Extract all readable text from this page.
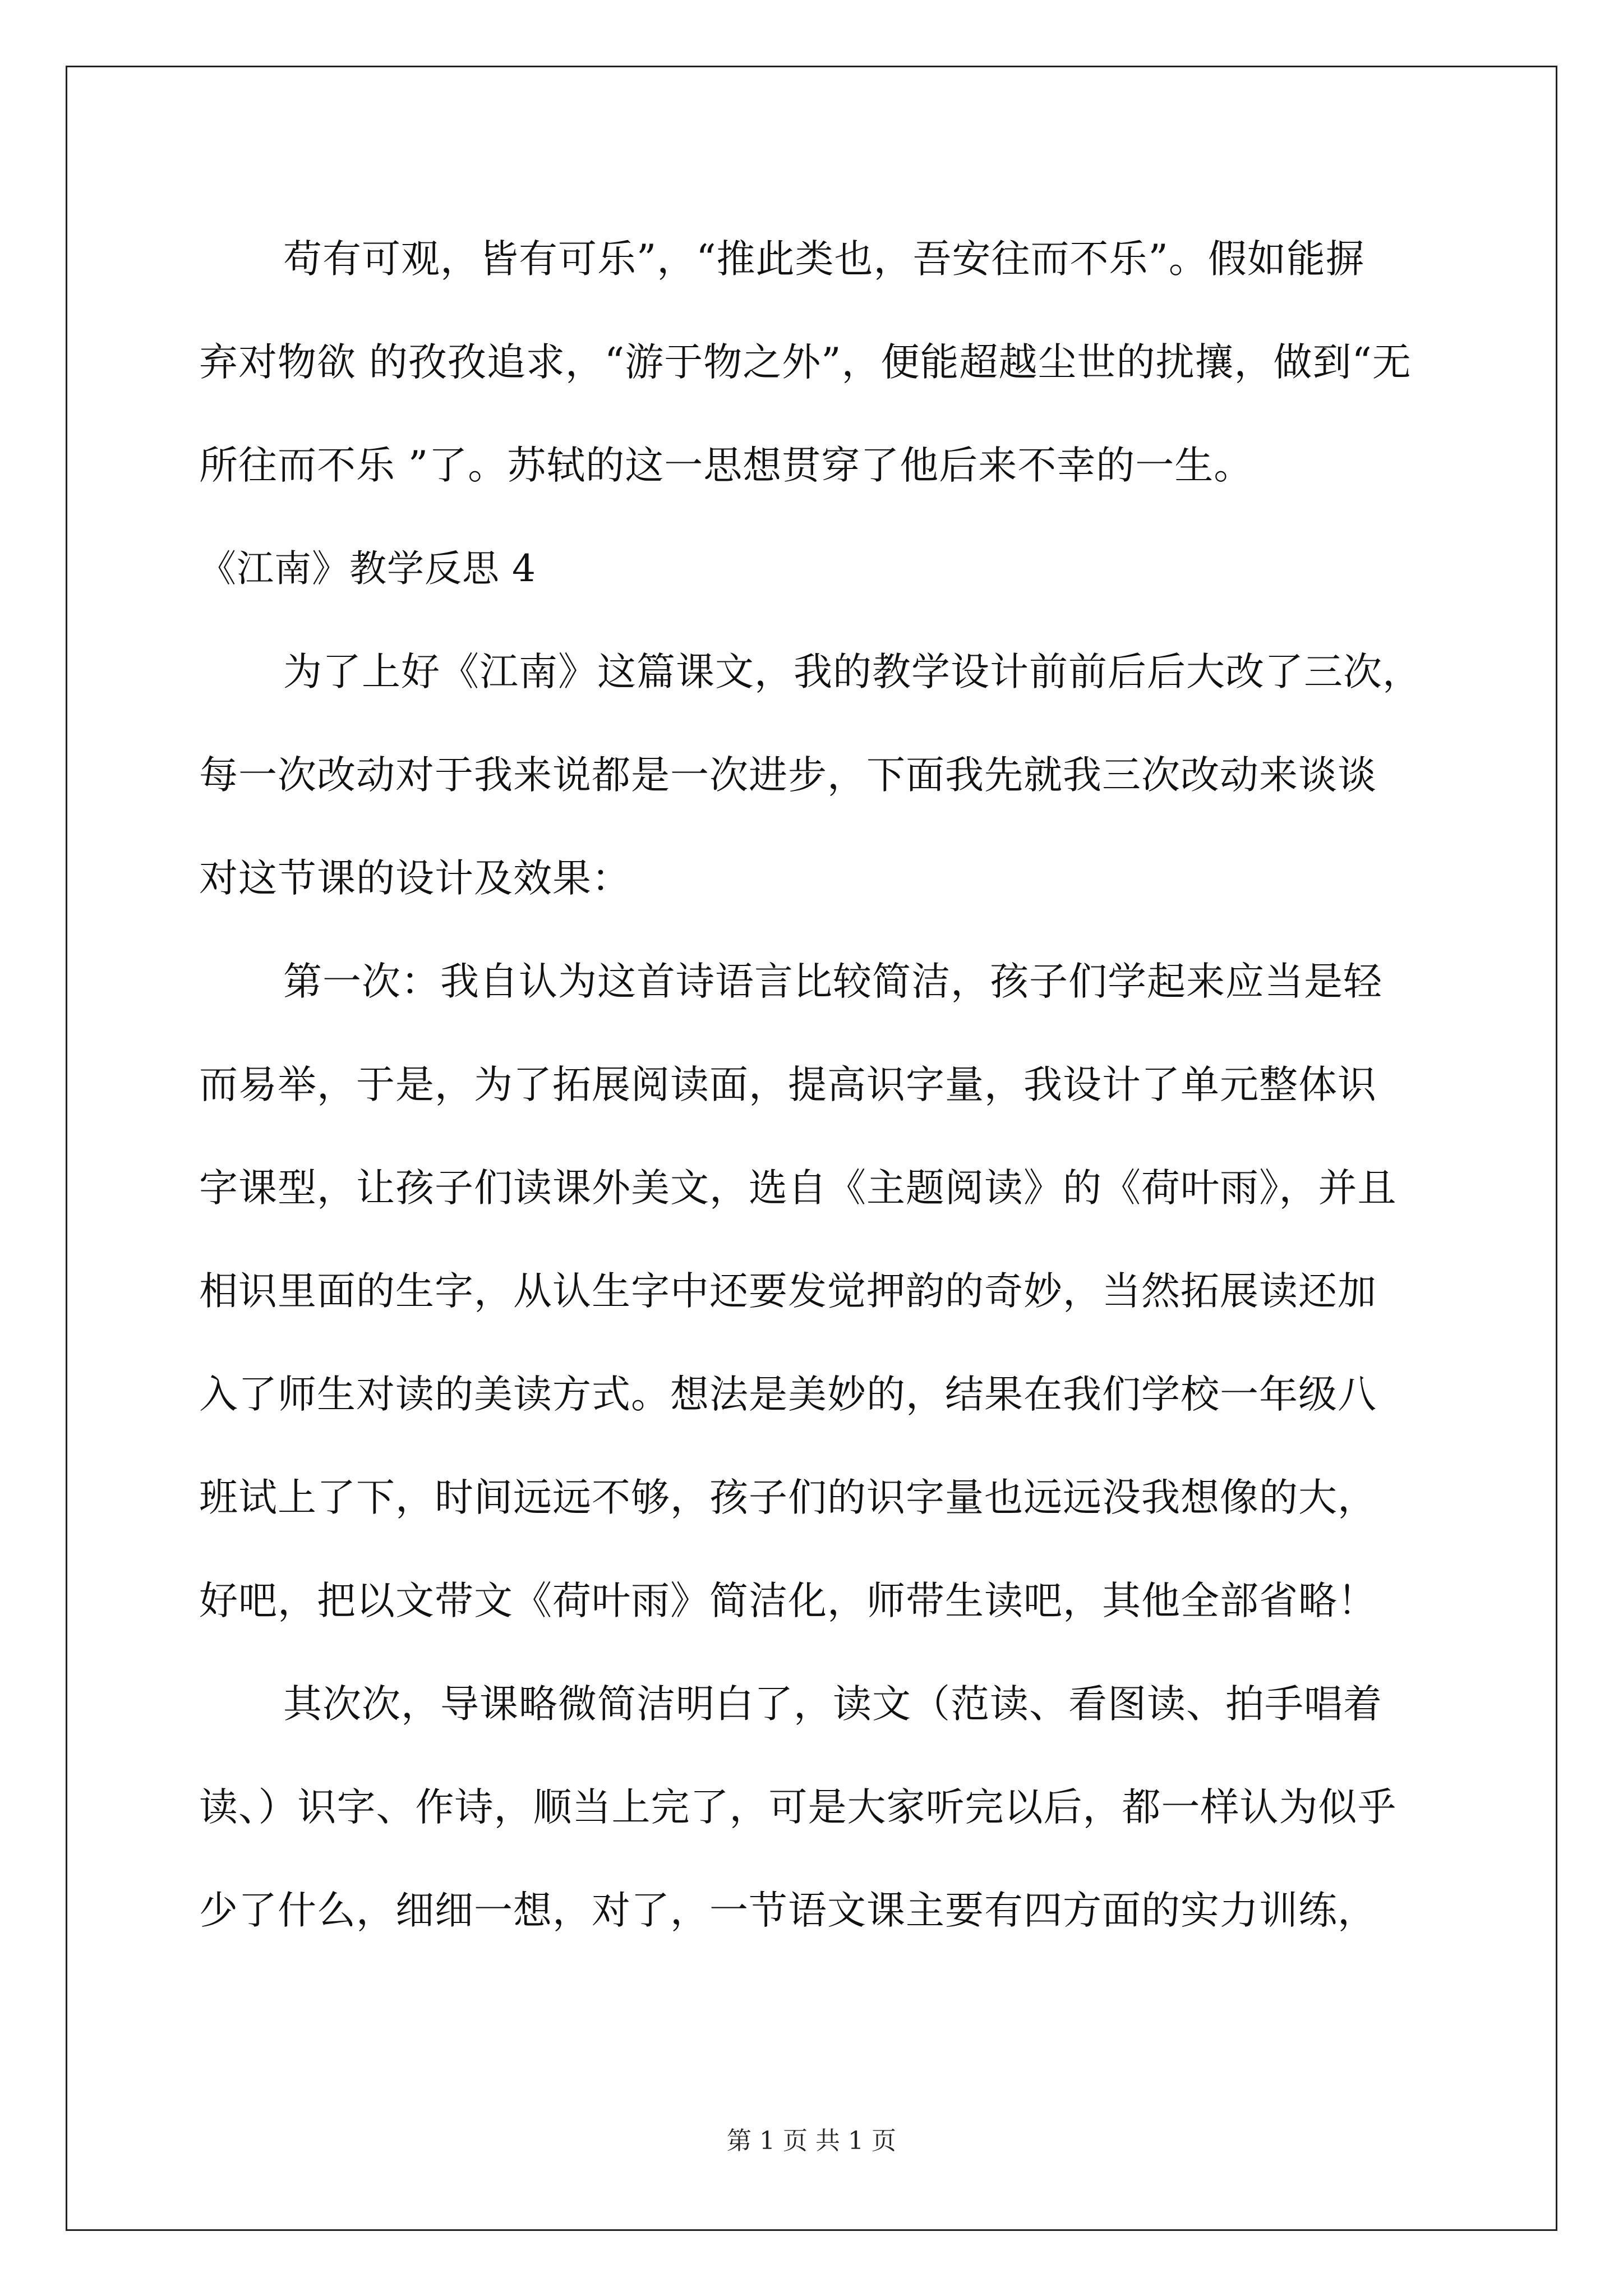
苟有可观，皆有可乐”，“推此类也，吾安往而不乐”。假如能摒
弃对物欲 的孜孜追求，“游于物之外”，便能超越尘世的扰攘，做到“无
所往而不乐 ”了。苏轼的这一思想贯穿了他后来不幸的一生。
《江南》教学反思 4
为了上好《江南》这篇课文，我的教学设计前前后后大改了三次，
每一次改动对于我来说都是一次进步，下面我先就我三次改动来谈谈
对这节课的设计及效果：
第一次：我自认为这首诗语言比较简洁，孩子们学起来应当是轻
而易举，于是，为了拓展阅读面，提高识字量，我设计了单元整体识
字课型，让孩子们读课外美文，选自《主题阅读》的《荷叶雨》，并且
相识里面的生字，从认生字中还要发觉押韵的奇妙，当然拓展读还加
入了师生对读的美读方式。想法是美妙的，结果在我们学校一年级八
班试上了下，时间远远不够，孩子们的识字量也远远没我想像的大，
好吧，把以文带文《荷叶雨》简洁化，师带生读吧，其他全部省略！
其次次，导课略微简洁明白了，读文（范读、看图读、拍手唱着
读、）识字、作诗，顺当上完了，可是大家听完以后，都一样认为似乎
少了什么，细细一想，对了，一节语文课主要有四方面的实力训练，
第 1 页 共 1 页
